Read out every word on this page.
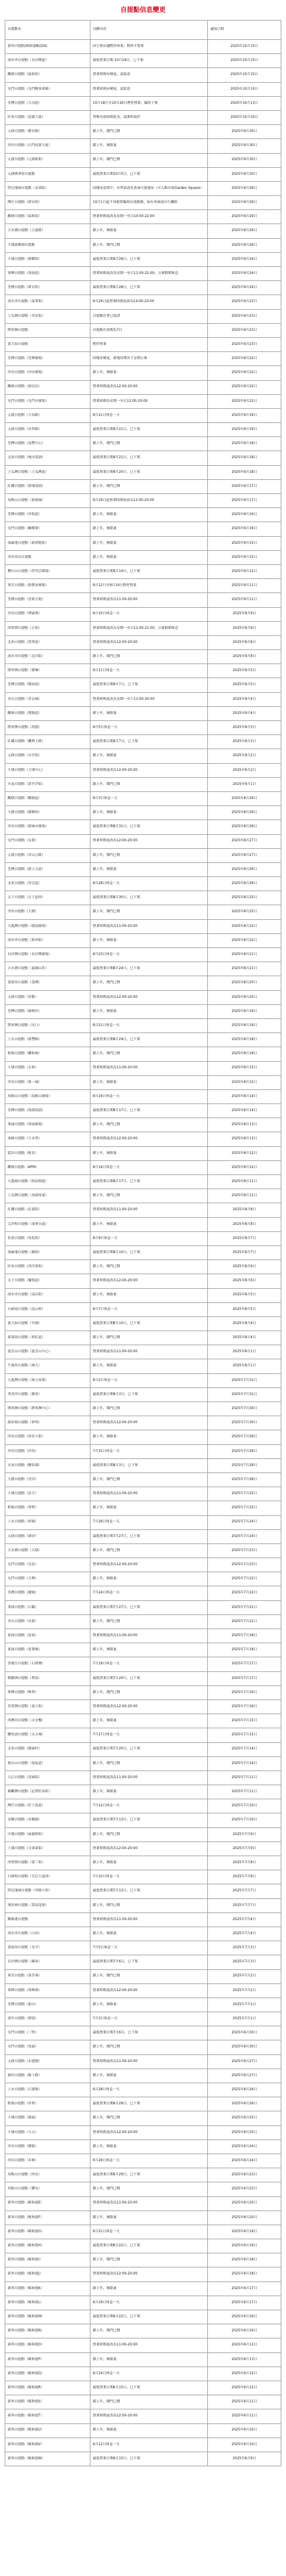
自提點信息變更
自提點名	具體內容	通知日期
新界自提點(順和德B)(D0)	因主營店舖暫停休業，暫時不營業	2025年10月15日
深水埗自提點（長沙灣道）	最低營業日期 10月18日，已下架	2025年10月15日
觀塘自提點（協和街）	營業時間有變更，請留意	2025年10月15日
屯門自提點（屯門鄉事會路）	營業時間有變更，請留意	2025年10月15日
荃灣自提點（大河道）	10月18日至10月26日暫停營業，臨時下架	2025年10月13日
旺角自提點（花園大廈）	貨物存放時間延長，請准時取件	2025年10月10日
元朗自提點（教育路）	鎖上年，閘門已開	2025年9月30日
沙田自提點（石門商業大廈）	鎖上年，無限量	2025年9月30日
元朗自提點（元朗新街）	鎖上年，閘門已開	2025年9月30日
元朗横垂街自提點	最低營業日期10月5日，已下架	2025年9月30日
堅尼地城自提點（北頭街）	因地址設置中，存貨前請先查詢大廈地址（可入館存取Garden Square）	2025年9月29日
灣仔自提點（群安街）	10月1日起不再提供臨時存放服務，如有查詢請自行聯絡	2025年9月29日
觀塘自提點（協和街）	營業時間更改為星期一至日10:00-22:00	2025年9月29日
天水圍自提點（天恩路）	鎖上年，無限量	2025年9月26日
大埔康樂園自提點	鎖上年，閘門已開	2025年9月26日
大埔自提點（寶鄉街）	最低營業日期9月28日，已下架	2025年9月24日
葵興自提點（葵涌道）	營業時間更改為星期一至日11:00-22:00，公眾假期休息	2025年9月24日
荃灣自提點（眾安街）	最低營業日期9月28日，已下架	2025年9月24日
深水埗自提點（福華街）	9月24日起營業時間更改為14:00-20:00	2025年9月23日
土瓜灣自提點（美景街）	自提點存貨已取消	2025年9月23日
將軍澳自提點	自提點存放期為7日	2025年9月23日
黃大仙自提點	暫停營業	2025年9月23日
荃灣自提點（荃灣廣場）	因地址變更，新地址將於下星期公佈	2025年9月22日
沙田自提點（沙田廣場）	鎖上年，無限量	2025年9月22日
觀塘自提點（裕民坊）	營業時間更改為12:00-20:00	2025年9月22日
屯門自提點（屯門市廣場）	營業時間為星期一至日12:00-20:00	2025年9月22日
元朗自提點（大馬路）	9月21日休息一天	2025年9月19日
元朗自提點（安寧路）	最低營業日期9月21日，已下架	2025年9月19日
荃灣自提點（南豐中心）	鎖上年，閘門已開	2025年9月18日
北角自提點（城市花園）	最低營業日期9月21日，已下架	2025年9月18日
土瓜灣自提點（土瓜灣道）	最低營業日期9月20日，已下架	2025年9月18日
紅磡自提點（黃埔花園）	鎖上年，閘門已開	2025年9月17日
馬鞍山自提點（新港城）	9月19日起營業時間更改為12:00-20:00	2025年9月17日
荃灣自提點（沙咀道）	鎖上年，無限量	2025年9月16日
屯門自提點（蝴蝶邨）	鎖上年，無限量	2025年9月16日
油麻地自提點（新填地街）	鎖上年，無限量	2025年9月15日
沙田車站自提點	鎖上年，無限量	2025年9月15日
鑽石山自提點（荷里活廣場）	最低營業日期9月14日，已下架	2025年9月12日
葵芳自提點（新都會廣場）	9月12日至9月14日暫停營業	2025年9月11日
荃灣自提點（荃新天地）	營業時間更改為11:00-20:00	2025年9月11日
沙田自提點（博康邨）	9月10日休息一天	2025年9月9日
西營盤自提點（正街）	營業時間更改為星期一至日11:00-21:00，公眾假期休息	2025年9月9日
北角自提點（渣華道）	營業時間更改為12:00-20:00	2025年9月8日
深水埗自提點（北河街）	鎖上年，閘門已開	2025年9月8日
將軍澳自提點（寶琳）	9月11日休息一天	2025年9月5日
荃灣自提點（楊屋道）	最低營業日期9月7日，已下架	2025年9月5日
青衣自提點（青衣城）	營業時間更改為星期一至六11:00-20:00	2025年9月4日
觀塘自提點（開源道）	鎖上年，無限量	2025年9月4日
將軍澳自提點（尚德）	9月5日休息一天	2025年9月3日
紅磡自提點（機利士路）	最低營業日期9月7日，已下架	2025年9月3日
元朗自提點（谷亭街）	鎖上年，無限量	2025年9月2日
大埔自提點（大埔中心）	營業時間更改為12:00-20:00	2025年9月2日
火炭自提點（黃竹洋街）	鎖上年，閘門已開	2025年9月1日
觀塘自提點（觀塘道）	9月3日休息一天	2025年8月29日
大圍自提點（積輝街）	鎖上年，無限量	2025年8月29日
沙田自提點（新城市廣場）	最低營業日期8月31日，已下架	2025年8月28日
屯門自提點（友愛）	營業時間更改為12:00-20:00	2025年8月27日
元朗自提點（青山公路）	鎖上年，閘門已開	2025年8月27日
荃灣自提點（德士古道）	鎖上年，無限量	2025年8月26日
北角自提點（英皇道）	8月28日休息一天	2025年8月26日
太子自提點（太子道西）	最低營業日期8月30日，已下架	2025年8月25日
沙田自提點（大圍）	鎖上年，閘門已開	2025年8月25日
九龍灣自提點（德福廣場）	營業時間更改為11:00-20:00	2025年8月22日
深水埗自提點（欽州街）	鎖上年，無限量	2025年8月22日
長沙灣自提點（長沙灣廣場）	8月23日休息一天	2025年8月21日
天水圍自提點（嘉湖山莊）	最低營業日期8月24日，已下架	2025年8月21日
荔枝角自提點（荔灣）	鎖上年，閘門已開	2025年8月20日
元朗自提點（形點）	營業時間更改為12:00-20:00	2025年8月20日
荃灣自提點（綠楊坊）	鎖上年，無限量	2025年8月19日
將軍澳自提點（坑口）	8月21日休息一天	2025年8月19日
上水自提點（新豐路）	最低營業日期8月24日，已下架	2025年8月18日
粉嶺自提點（聯和墟）	鎖上年，閘門已開	2025年8月18日
大埔自提點（太和）	營業時間更改為11:00-20:00	2025年8月15日
沙田自提點（第一城）	鎖上年，無限量	2025年8月15日
馬鞍山自提點（馬鞍山廣場）	8月16日休息一天	2025年8月14日
荃灣自提點（海濱花園）	最低營業日期8月17日，已下架	2025年8月14日
葵涌自提點（葵涌廣場）	鎖上年，閘門已開	2025年8月13日
油塘自提點（大本型）	營業時間更改為12:00-20:00	2025年8月13日
藍田自提點（匯景）	鎖上年，無限量	2025年8月12日
觀塘自提點（APM）	8月14日休息一天	2025年8月12日
九龍城自提點（衙前圍道）	最低營業日期8月17日，已下架	2025年8月11日
土瓜灣自提點（馬頭角道）	鎖上年，閘門已開	2025年8月11日
紅磡自提點（必嘉街）	營業時間更改為11:00-20:00	2025年8月8日
尖沙咀自提點（加拿分道）	鎖上年，無限量	2025年8月8日
佐敦自提點（吳松街）	8月9日休息一天	2025年8月7日
油麻地自提點（廟街）	最低營業日期8月10日，已下架	2025年8月7日
旺角自提點（西洋菜街）	鎖上年，閘門已開	2025年8月6日
太子自提點（彌敦道）	營業時間更改為12:00-20:00	2025年8月6日
深水埗自提點（南昌街）	鎖上年，無限量	2025年8月5日
石硤尾自提點（南山邨）	8月7日休息一天	2025年8月5日
黃大仙自提點（竹園）	最低營業日期8月10日，已下架	2025年8月4日
新蒲崗自提點（彩虹道）	鎖上年，閘門已開	2025年8月4日
慈雲山自提點（慈雲山中心）	營業時間更改為11:00-20:00	2025年8月1日
牛頭角自提點（淘大）	鎖上年，無限量	2025年8月1日
九龍灣自提點（淘大商場）	8月2日休息一天	2025年7月31日
秀茂坪自提點（寶達）	最低營業日期8月3日，已下架	2025年7月31日
將軍澳自提點（將軍澳中心）	鎖上年，閘門已開	2025年7月30日
調景嶺自提點（彩明）	營業時間更改為12:00-20:00	2025年7月30日
西貢自提點（西貢大街）	鎖上年，無限量	2025年7月29日
沙田自提點（沙角）	7月31日休息一天	2025年7月29日
火炭自提點（駿景園）	最低營業日期8月3日，已下架	2025年7月28日
大圍自提點（美田）	鎖上年，閘門已開	2025年7月28日
大埔自提點（富亨）	營業時間更改為11:00-20:00	2025年7月25日
粉嶺自提點（華明）	鎖上年，無限量	2025年7月25日
上水自提點（彩園）	7月26日休息一天	2025年7月24日
元朗自提點（朗屏）	最低營業日期7月27日，已下架	2025年7月24日
天水圍自提點（天瑞）	鎖上年，閘門已開	2025年7月23日
屯門自提點（良景）	營業時間更改為12:00-20:00	2025年7月23日
屯門自提點（大興）	鎖上年，無限量	2025年7月22日
荃灣自提點（麗城）	7月24日休息一天	2025年7月22日
葵涌自提點（石籬）	最低營業日期7月27日，已下架	2025年7月21日
青衣自提點（長發）	鎖上年，閘門已開	2025年7月21日
東涌自提點（富東）	營業時間更改為11:00-20:00	2025年7月18日
東涌自提點（東薈城）	鎖上年，無限量	2025年7月18日
香港仔自提點（石排灣）	7月19日休息一天	2025年7月17日
鴨脷洲自提點（利東）	最低營業日期7月20日，已下架	2025年7月17日
柴灣自提點（興華）	鎖上年，閘門已開	2025年7月16日
筲箕灣自提點（東大街）	營業時間更改為12:00-20:00	2025年7月16日
西灣河自提點（太安樓）	鎖上年，無限量	2025年7月15日
鰂魚涌自提點（太古城）	7月17日休息一天	2025年7月15日
北角自提點（健康村）	最低營業日期7月20日，已下架	2025年7月14日
炮台山自提點（電氣道）	鎖上年，閘門已開	2025年7月14日
天后自提點（清風街）	營業時間更改為11:00-20:00	2025年7月11日
銅鑼灣自提點（記利佐治街）	鎖上年，無限量	2025年7月11日
灣仔自提點（莊士敦道）	7月12日休息一天	2025年7月10日
金鐘自提點（金鐘廊）	最低營業日期7月13日，已下架	2025年7月10日
中環自提點（威靈頓街）	鎖上年，閘門已開	2025年7月9日
上環自提點（文咸東街）	營業時間更改為12:00-20:00	2025年7月9日
西營盤自提點（第三街）	鎖上年，無限量	2025年7月8日
石塘咀自提點（皇后大道西）	7月10日休息一天	2025年7月8日
堅尼地城自提點（卑路乍街）	最低營業日期7月13日，已下架	2025年7月7日
薄扶林自提點（置富花園）	鎖上年，閘門已開	2025年7月7日
數碼港自提點	營業時間更改為11:00-20:00	2025年7月4日
深水埗自提點（白田）	鎖上年，無限量	2025年7月4日
荔枝角自提點（美孚）	7月5日休息一天	2025年7月3日
長沙灣自提點（蘇屋）	最低營業日期7月6日，已下架	2025年7月3日
葵芳自提點（葵芳邨）	鎖上年，閘門已開	2025年7月2日
葵興自提點（葵興邨）	營業時間更改為12:00-20:00	2025年7月2日
荃灣自提點（象山）	鎖上年，無限量	2025年7月1日
深井自提點（碧堤）	7月3日休息一天	2025年7月1日
屯門自提點（三聖）	最低營業日期7月6日，已下架	2025年6月30日
屯門自提點（兆康）	鎖上年，閘門已開	2025年6月30日
元朗自提點（水邊圍）	營業時間更改為11:00-20:00	2025年6月27日
錦田自提點（錦上路）	鎖上年，無限量	2025年6月27日
上水自提點（石湖墟）	6月28日休息一天	2025年6月26日
粉嶺自提點（祥華）	最低營業日期6月29日，已下架	2025年6月26日
大埔自提點（廣福）	鎖上年，閘門已開	2025年6月25日
大埔自提點（大元）	營業時間更改為12:00-20:00	2025年6月25日
沙田自提點（瀝源）	鎖上年，無限量	2025年6月24日
沙田自提點（禾輋）	6月26日休息一天	2025年6月24日
馬鞍山自提點（恆安）	最低營業日期6月29日，已下架	2025年6月23日
馬鞍山自提點（耀安）	鎖上年，閘門已開	2025年6月23日
新界自提點（順和德E）	營業時間更改為11:00-20:00	2025年6月20日
新界自提點（順和德F）	鎖上年，無限量	2025年6月20日
新界自提點（順和德G）	6月21日休息一天	2025年6月19日
新界自提點（順和德H）	最低營業日期6月22日，已下架	2025年6月19日
新界自提點（順和德I）	鎖上年，閘門已開	2025年6月18日
新界自提點（順和德J）	營業時間更改為12:00-20:00	2025年6月18日
新界自提點（順和德K）	鎖上年，無限量	2025年6月17日
新界自提點（順和德L）	6月19日休息一天	2025年6月17日
新界自提點（順和德M）	最低營業日期6月22日，已下架	2025年6月16日
新界自提點（順和德N）	鎖上年，閘門已開	2025年6月16日
新界自提點（順和德O）	營業時間更改為11:00-20:00	2025年6月13日
新界自提點（順和德P）	鎖上年，無限量	2025年6月13日
新界自提點（順和德Q）	6月14日休息一天	2025年6月12日
新界自提點（順和德R）	最低營業日期6月15日，已下架	2025年6月12日
新界自提點（順和德S）	鎖上年，閘門已開	2025年6月11日
新界自提點（順和德T）	營業時間更改為12:00-20:00	2025年6月11日
新界自提點（順和德U）	鎖上年，無限量	2025年6月10日
新界自提點（順和德V）	6月12日休息一天	2025年6月10日
新界自提點（順和德W）	最低營業日期6月15日，已下架	2025年6月9日
